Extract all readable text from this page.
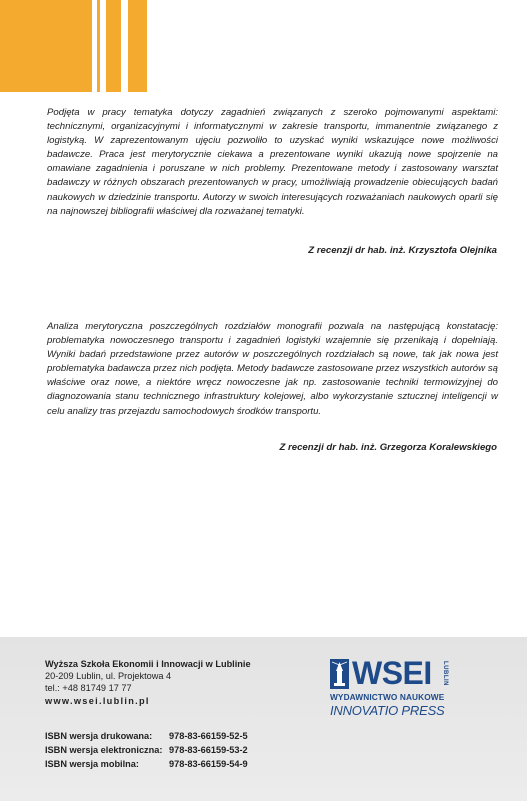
Podjęta w pracy tematyka dotyczy zagadnień związanych z szeroko pojmowanymi aspektami: technicznymi, organizacyjnymi i informatycznymi w zakresie transportu, immanentnie związanego z logistyką. W zaprezentowanym ujęciu pozwoliło to uzyskać wyniki wskazujące nowe możliwości badawcze. Praca jest merytorycznie ciekawa a prezentowane wyniki ukazują nowe spojrzenie na omawiane zagadnienia i poruszane w nich problemy. Prezentowane metody i zastosowany warsztat badawczy w różnych obszarach prezentowanych w pracy, umożliwiają prowadzenie obiecujących badań naukowych w dziedzinie transportu. Autorzy w swoich interesujących rozważaniach naukowych oparli się na najnowszej bibliografii właściwej dla rozważanej tematyki.

Z recenzji dr hab. inż. Krzysztofa Olejnika

Analiza merytoryczna poszczególnych rozdziałów monografii pozwala na następującą konstatację: problematyka nowoczesnego transportu i zagadnień logistyki wzajemnie się przenikają i dopełniają. Wyniki badań przedstawione przez autorów w poszczególnych rozdziałach są nowe, tak jak nowa jest problematyka badawcza przez nich podjęta. Metody badawcze zastosowane przez wszystkich autorów są właściwe oraz nowe, a niektóre wręcz nowoczesne jak np. zastosowanie techniki termowizyjnej do diagnozowania stanu technicznego infrastruktury kolejowej, albo wykorzystanie sztucznej inteligencji w celu analizy tras przejazdu samochodowych środków transportu.

Z recenzji dr hab. inż. Grzegorza Koralewskiego
Wyższa Szkoła Ekonomii i Innowacji w Lublinie
20-209 Lublin, ul. Projektowa 4
tel.: +48 81749 17 77
www.wsei.lublin.pl
ISBN wersja drukowana:	978-83-66159-52-5
ISBN wersja elektroniczna: 978-83-66159-53-2
ISBN wersja mobilna:	978-83-66159-54-9
WSEI	LUBLIN
WYDAWNICTWO NAUKOWE
INNOVATIO PRESS
